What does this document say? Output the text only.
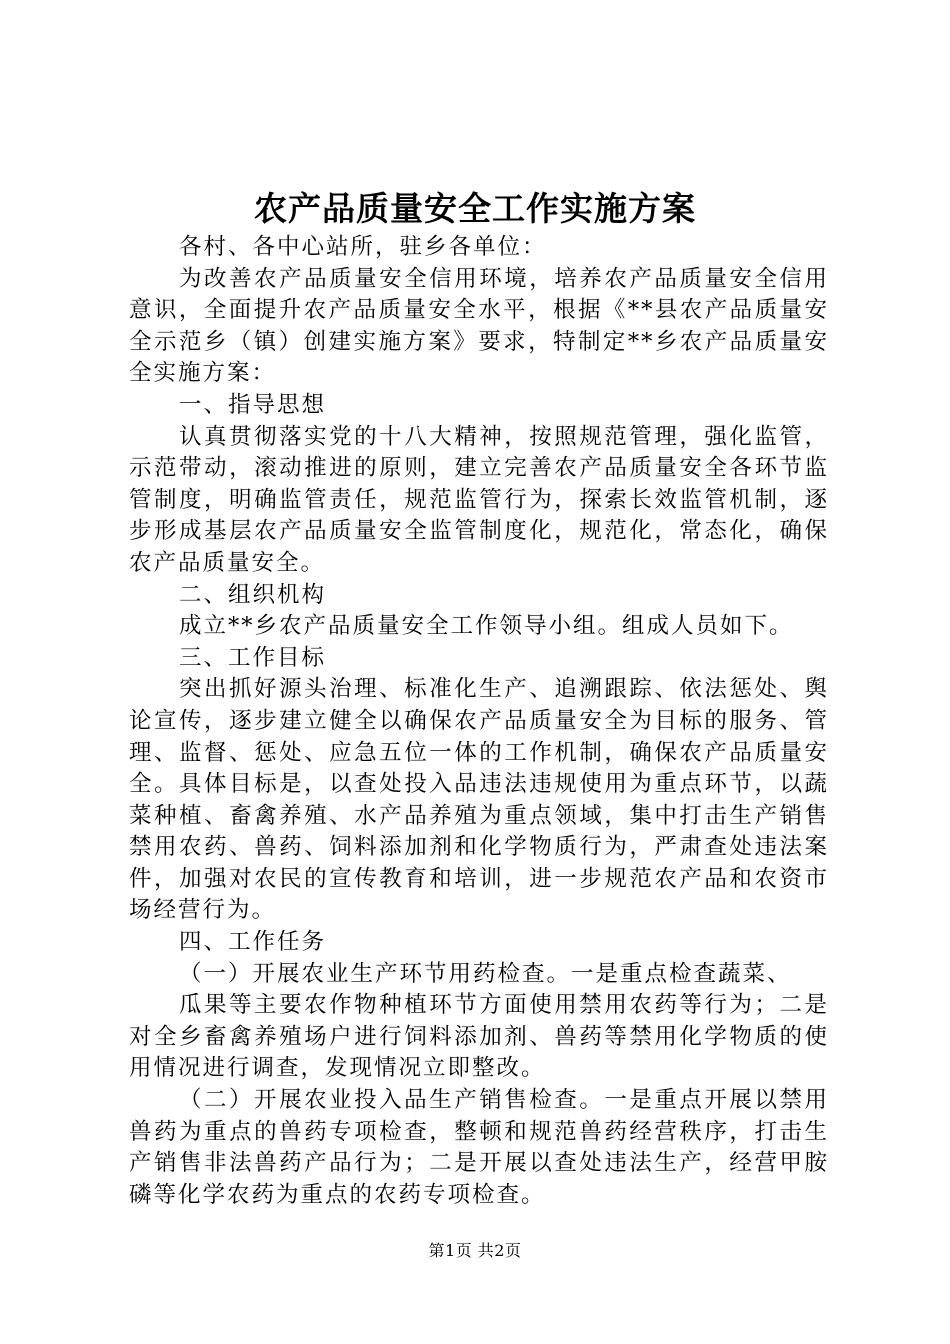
农产品质量安全工作实施方案

各村、各中心站所，驻乡各单位：

为改善农产品质量安全信用环境，培养农产品质量安全信用意识，全面提升农产品质量安全水平，根据《**县农产品质量安全示范乡（镇）创建实施方案》要求，特制定**乡农产品质量安全实施方案：

一、指导思想

认真贯彻落实党的十八大精神，按照规范管理，强化监管，示范带动，滚动推进的原则，建立完善农产品质量安全各环节监管制度，明确监管责任，规范监管行为，探索长效监管机制，逐步形成基层农产品质量安全监管制度化，规范化，常态化，确保农产品质量安全。

二、组织机构

成立**乡农产品质量安全工作领导小组。组成人员如下。

三、工作目标

突出抓好源头治理、标准化生产、追溯跟踪、依法惩处、舆论宣传，逐步建立健全以确保农产品质量安全为目标的服务、管理、监督、惩处、应急五位一体的工作机制，确保农产品质量安全。具体目标是，以查处投入品违法违规使用为重点环节，以蔬菜种植、畜禽养殖、水产品养殖为重点领域，集中打击生产销售禁用农药、兽药、饲料添加剂和化学物质行为，严肃查处违法案件，加强对农民的宣传教育和培训，进一步规范农产品和农资市场经营行为。

四、工作任务

（一）开展农业生产环节用药检查。一是重点检查蔬菜、

瓜果等主要农作物种植环节方面使用禁用农药等行为；二是对全乡畜禽养殖场户进行饲料添加剂、兽药等禁用化学物质的使用情况进行调查，发现情况立即整改。

（二）开展农业投入品生产销售检查。一是重点开展以禁用兽药为重点的兽药专项检查，整顿和规范兽药经营秩序，打击生产销售非法兽药产品行为；二是开展以查处违法生产，经营甲胺磷等化学农药为重点的农药专项检查。

第1页 共2页
